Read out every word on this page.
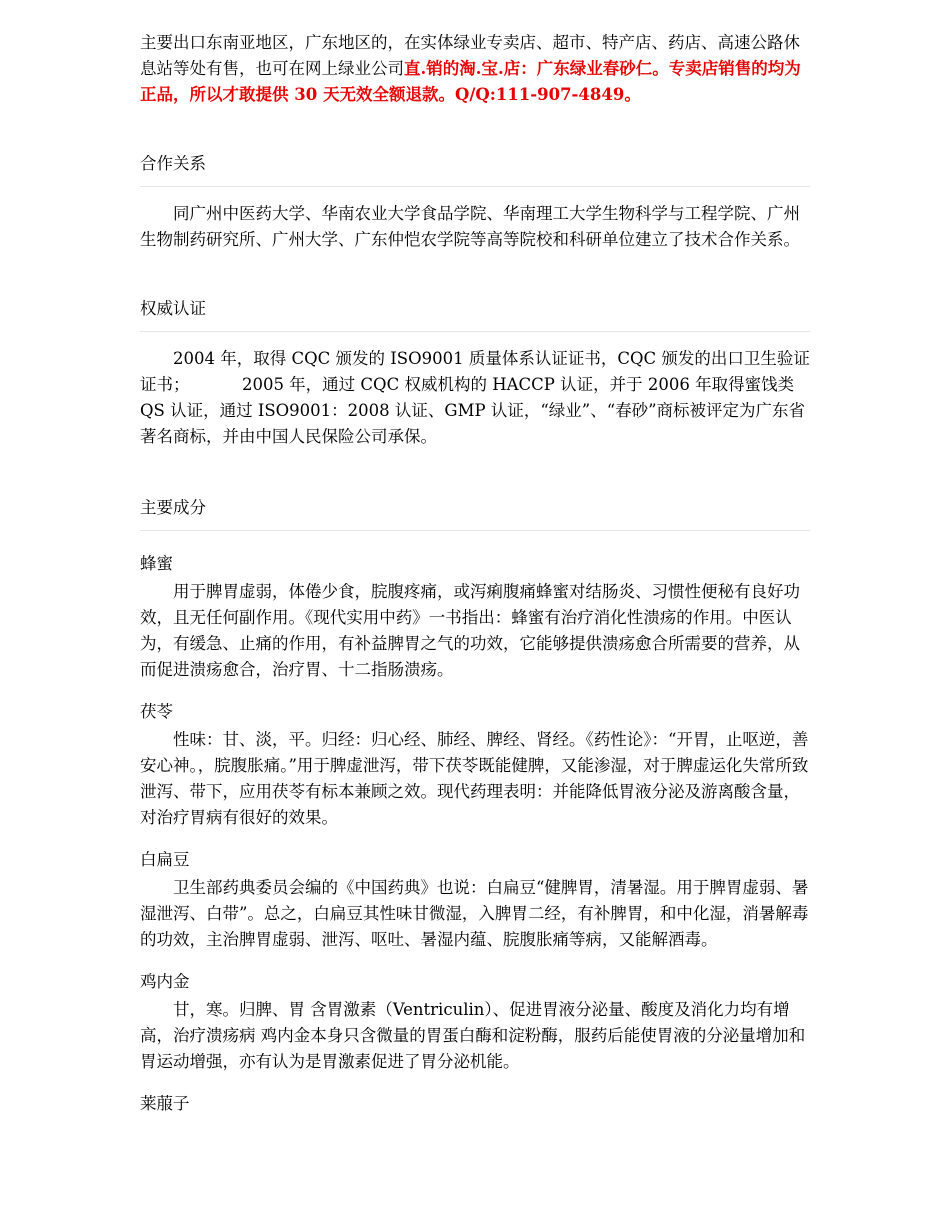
主要出口东南亚地区，广东地区的，在实体绿业专卖店、超市、特产店、药店、高速公路休息站等处有售，也可在网上绿业公司直.销的淘.宝.店：广东绿业春砂仁。专卖店销售的均为正品，所以才敢提供 30 天无效全额退款。Q/Q:111-907-4849。

合作关系

同广州中医药大学、华南农业大学食品学院、华南理工大学生物科学与工程学院、广州生物制药研究所、广州大学、广东仲恺农学院等高等院校和科研单位建立了技术合作关系。

权威认证

2004 年，取得 CQC 颁发的 ISO9001 质量体系认证证书，CQC 颁发的出口卫生验证证书；          2005 年，通过 CQC 权威机构的 HACCP 认证，并于 2006 年取得蜜饯类 QS 认证，通过 ISO9001：2008 认证、GMP 认证，“绿业”、“春砂”商标被评定为广东省著名商标，并由中国人民保险公司承保。

主要成分
蜂蜜

用于脾胃虚弱，体倦少食，脘腹疼痛，或泻痢腹痛蜂蜜对结肠炎、习惯性便秘有良好功效，且无任何副作用。《现代实用中药》一书指出：蜂蜜有治疗消化性溃疡的作用。中医认为，有缓急、止痛的作用，有补益脾胃之气的功效，它能够提供溃疡愈合所需要的营养，从而促进溃疡愈合，治疗胃、十二指肠溃疡。

茯苓

性味：甘、淡，平。归经：归心经、肺经、脾经、肾经。《药性论》：“开胃，止呕逆，善安心神。，脘腹胀痛。”用于脾虚泄泻，带下茯苓既能健脾，又能渗湿，对于脾虚运化失常所致泄泻、带下，应用茯苓有标本兼顾之效。现代药理表明：并能降低胃液分泌及游离酸含量，对治疗胃病有很好的效果。

白扁豆

卫生部药典委员会编的《中国药典》也说：白扁豆“健脾胃，清暑湿。用于脾胃虚弱、暑湿泄泻、白带”。总之，白扁豆其性味甘微湿，入脾胃二经，有补脾胃，和中化湿，消暑解毒的功效，主治脾胃虚弱、泄泻、呕吐、暑湿内蕴、脘腹胀痛等病，又能解酒毒。

鸡内金

甘，寒。归脾、胃 含胃激素（Ventriculin）、促进胃液分泌量、酸度及消化力均有增高，治疗溃疡病 鸡内金本身只含微量的胃蛋白酶和淀粉酶，服药后能使胃液的分泌量增加和胃运动增强，亦有认为是胃激素促进了胃分泌机能。

莱菔子
